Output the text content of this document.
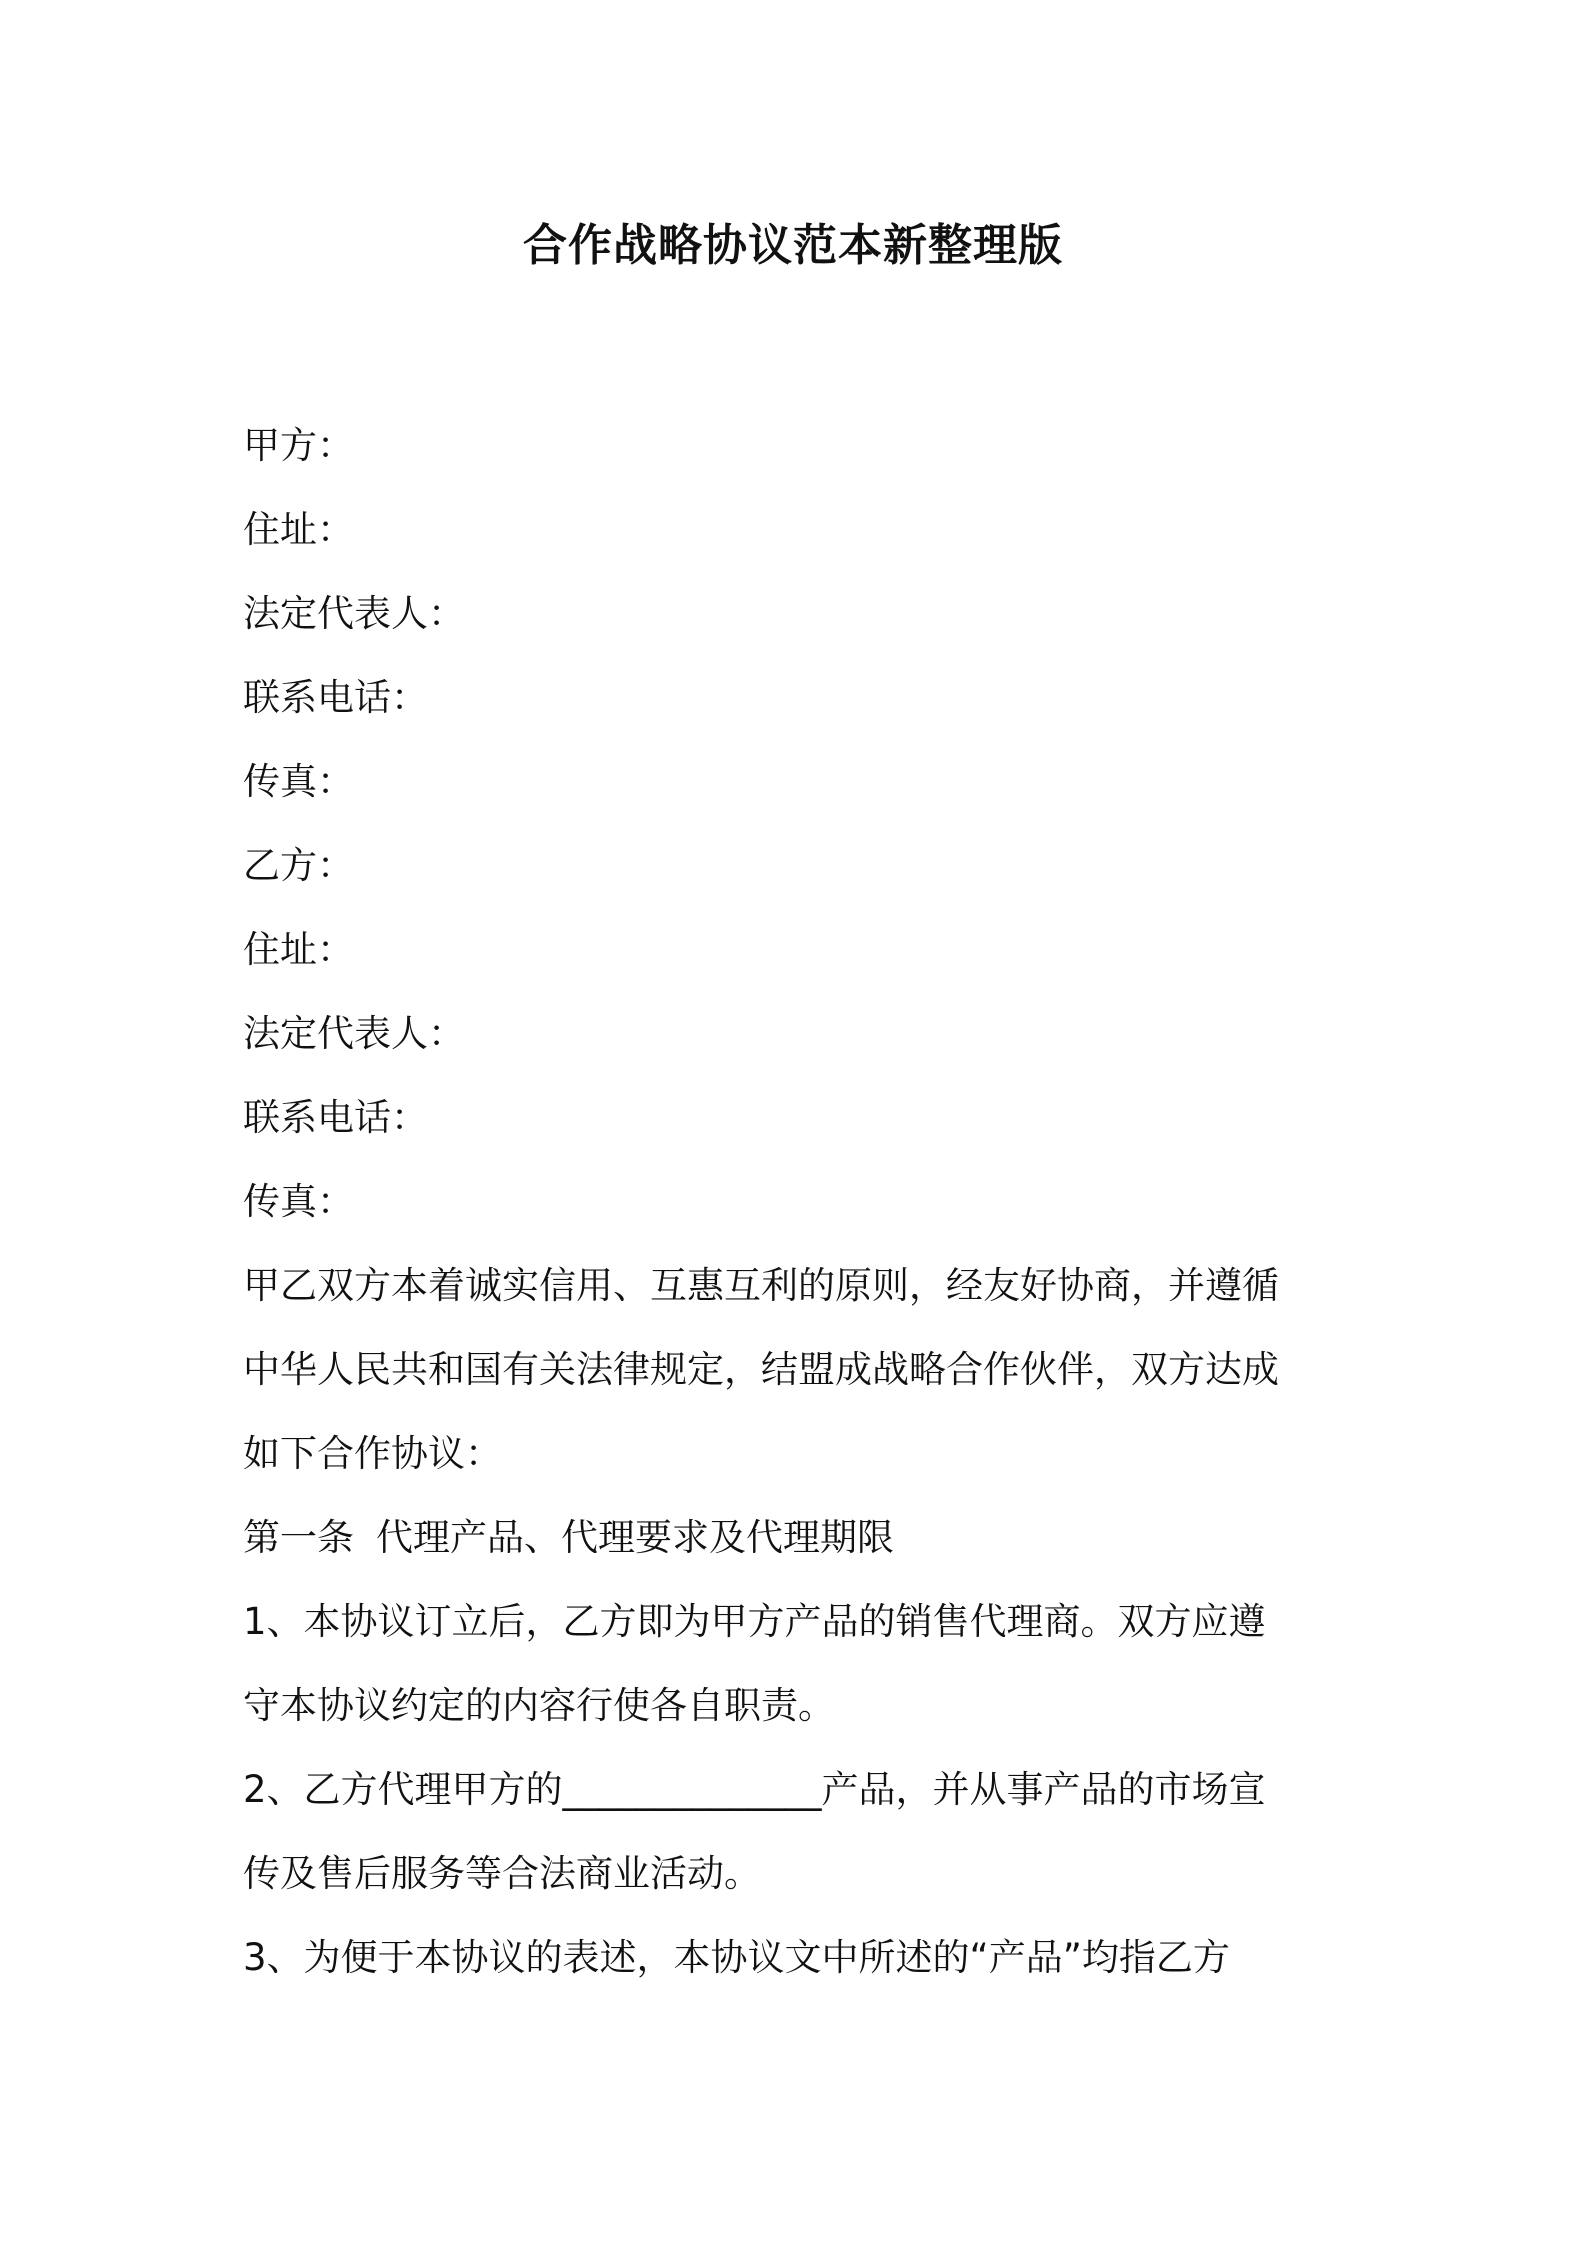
合作战略协议范本新整理版
甲方：
住址：
法定代表人：
联系电话：
传真：
乙方：
住址：
法定代表人：
联系电话：
传真：
甲乙双方本着诚实信用、互惠互利的原则，经友好协商，并遵循
中华人民共和国有关法律规定，结盟成战略合作伙伴，双方达成
如下合作协议：
第一条 代理产品、代理要求及代理期限
1、本协议订立后，乙方即为甲方产品的销售代理商。双方应遵
守本协议约定的内容行使各自职责。
2、乙方代理甲方的______________产品，并从事产品的市场宣
传及售后服务等合法商业活动。
3、为便于本协议的表述，本协议文中所述的“产品”均指乙方
